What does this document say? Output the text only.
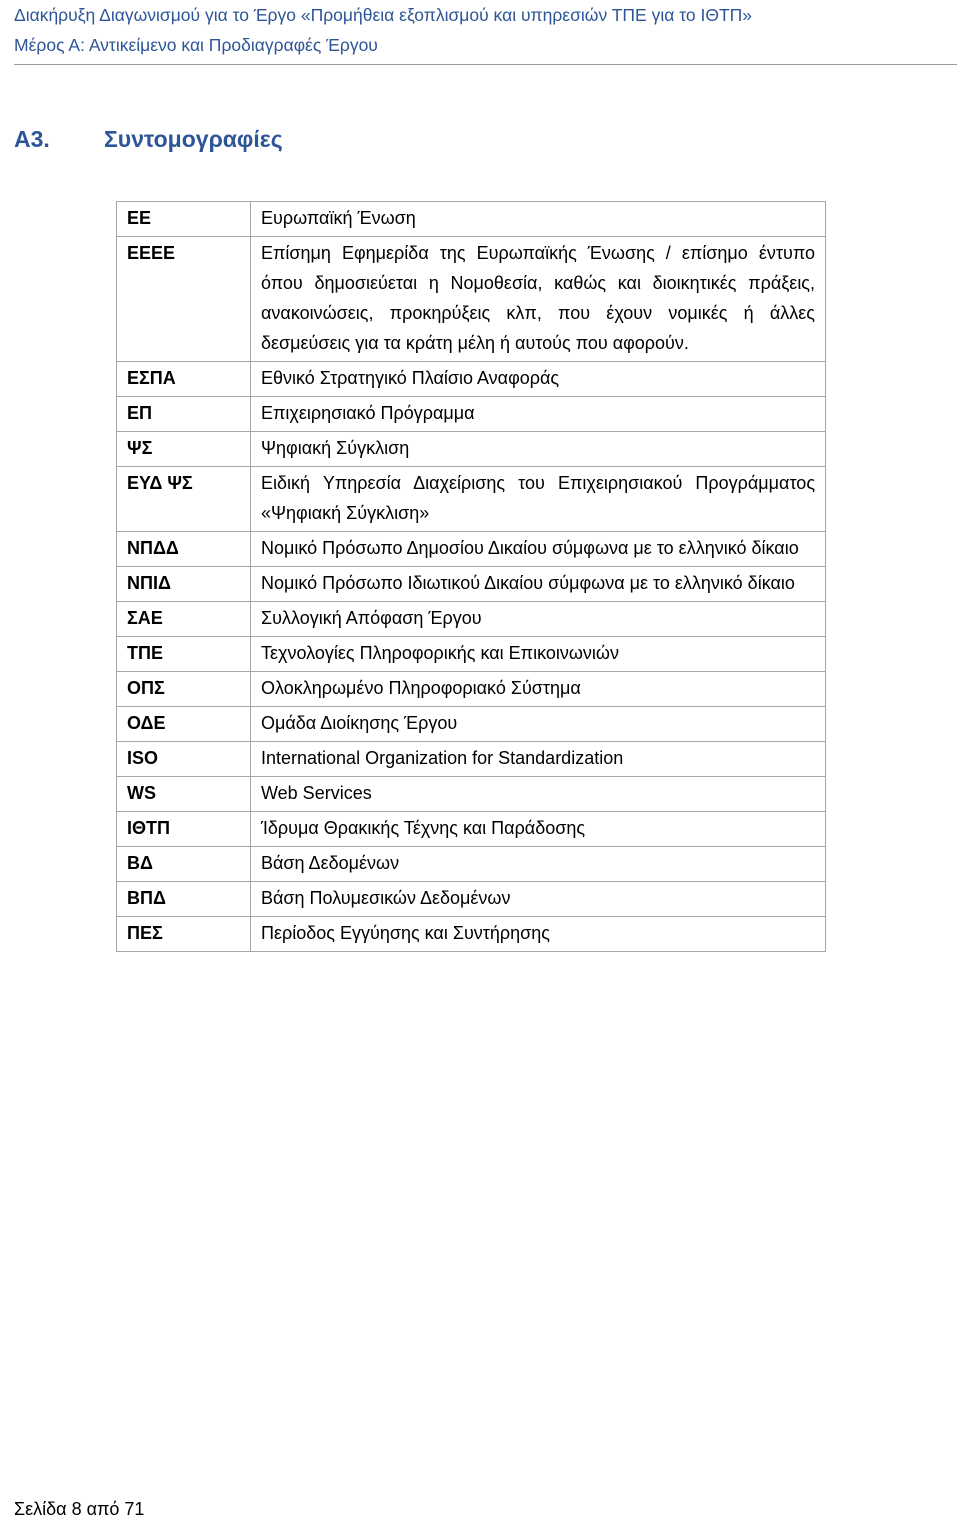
Διακήρυξη Διαγωνισμού για το Έργο «Προμήθεια εξοπλισμού και υπηρεσιών ΤΠΕ για το ΙΘΤΠ»
Μέρος Α: Αντικείμενο και Προδιαγραφές Έργου
Α3. Συντομογραφίες
ΕΕ	Ευρωπαϊκή Ένωση
ΕΕΕΕ	Επίσημη Εφημερίδα της Ευρωπαϊκής Ένωσης / επίσημο έντυπο όπου δημοσιεύεται η Νομοθεσία, καθώς και διοικητικές πράξεις, ανακοινώσεις, προκηρύξεις κλπ, που έχουν νομικές ή άλλες δεσμεύσεις για τα κράτη μέλη ή αυτούς που αφορούν.
ΕΣΠΑ	Εθνικό Στρατηγικό Πλαίσιο Αναφοράς
ΕΠ	Επιχειρησιακό Πρόγραμμα
ΨΣ	Ψηφιακή Σύγκλιση
ΕΥΔ ΨΣ	Ειδική Υπηρεσία Διαχείρισης του Επιχειρησιακού Προγράμματος «Ψηφιακή Σύγκλιση»
ΝΠΔΔ	Νομικό Πρόσωπο Δημοσίου Δικαίου σύμφωνα με το ελληνικό δίκαιο
ΝΠΙΔ	Νομικό Πρόσωπο Ιδιωτικού Δικαίου σύμφωνα με το ελληνικό δίκαιο
ΣΑΕ	Συλλογική Απόφαση Έργου
ΤΠΕ	Τεχνολογίες Πληροφορικής και Επικοινωνιών
ΟΠΣ	Ολοκληρωμένο Πληροφοριακό Σύστημα
ΟΔΕ	Ομάδα Διοίκησης Έργου
ISO	International Organization for Standardization
WS	Web Services
ΙΘΤΠ	Ίδρυμα Θρακικής Τέχνης και Παράδοσης
ΒΔ	Βάση Δεδομένων
ΒΠΔ	Βάση Πολυμεσικών Δεδομένων
ΠΕΣ	Περίοδος Εγγύησης και Συντήρησης
Σελίδα 8 από 71
